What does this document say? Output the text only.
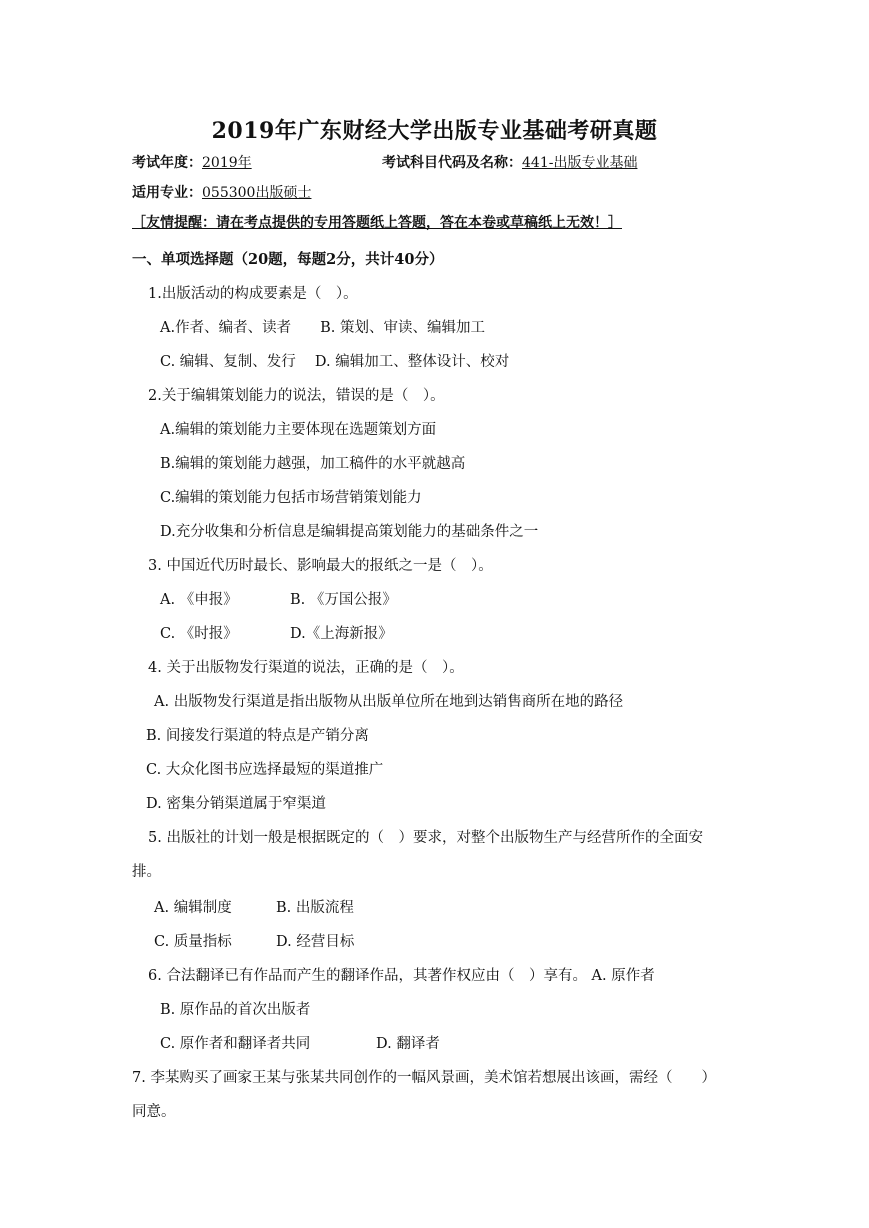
2019年广东财经大学出版专业基础考研真题
考试年度：2019年	考试科目代码及名称：441-出版专业基础
适用专业：055300出版硕士
［友情提醒：请在考点提供的专用答题纸上答题，答在本卷或草稿纸上无效！］
一、单项选择题（20题，每题2分，共计40分）
1.出版活动的构成要素是（　）。
A.作者、编者、读者　　B. 策划、审读、编辑加工
C. 编辑、复制、发行　 D. 编辑加工、整体设计、校对
2.关于编辑策划能力的说法，错误的是（　）。
A.编辑的策划能力主要体现在选题策划方面
B.编辑的策划能力越强，加工稿件的水平就越高
C.编辑的策划能力包括市场营销策划能力
D.充分收集和分析信息是编辑提高策划能力的基础条件之一
3. 中国近代历时最长、影响最大的报纸之一是（　）。
A. 《申报》	B. 《万国公报》
C. 《时报》	D.《上海新报》
4. 关于出版物发行渠道的说法，正确的是（　）。
A. 出版物发行渠道是指出版物从出版单位所在地到达销售商所在地的路径
B. 间接发行渠道的特点是产销分离
C. 大众化图书应选择最短的渠道推广
D. 密集分销渠道属于窄渠道
5. 出版社的计划一般是根据既定的（　）要求，对整个出版物生产与经营所作的全面安
排。
A. 编辑制度	B. 出版流程
C. 质量指标	D. 经营目标
6. 合法翻译已有作品而产生的翻译作品，其著作权应由（　）享有。 A. 原作者
B. 原作品的首次出版者
C. 原作者和翻译者共同	D. 翻译者
7. 李某购买了画家王某与张某共同创作的一幅风景画，美术馆若想展出该画，需经（　　）
同意。
